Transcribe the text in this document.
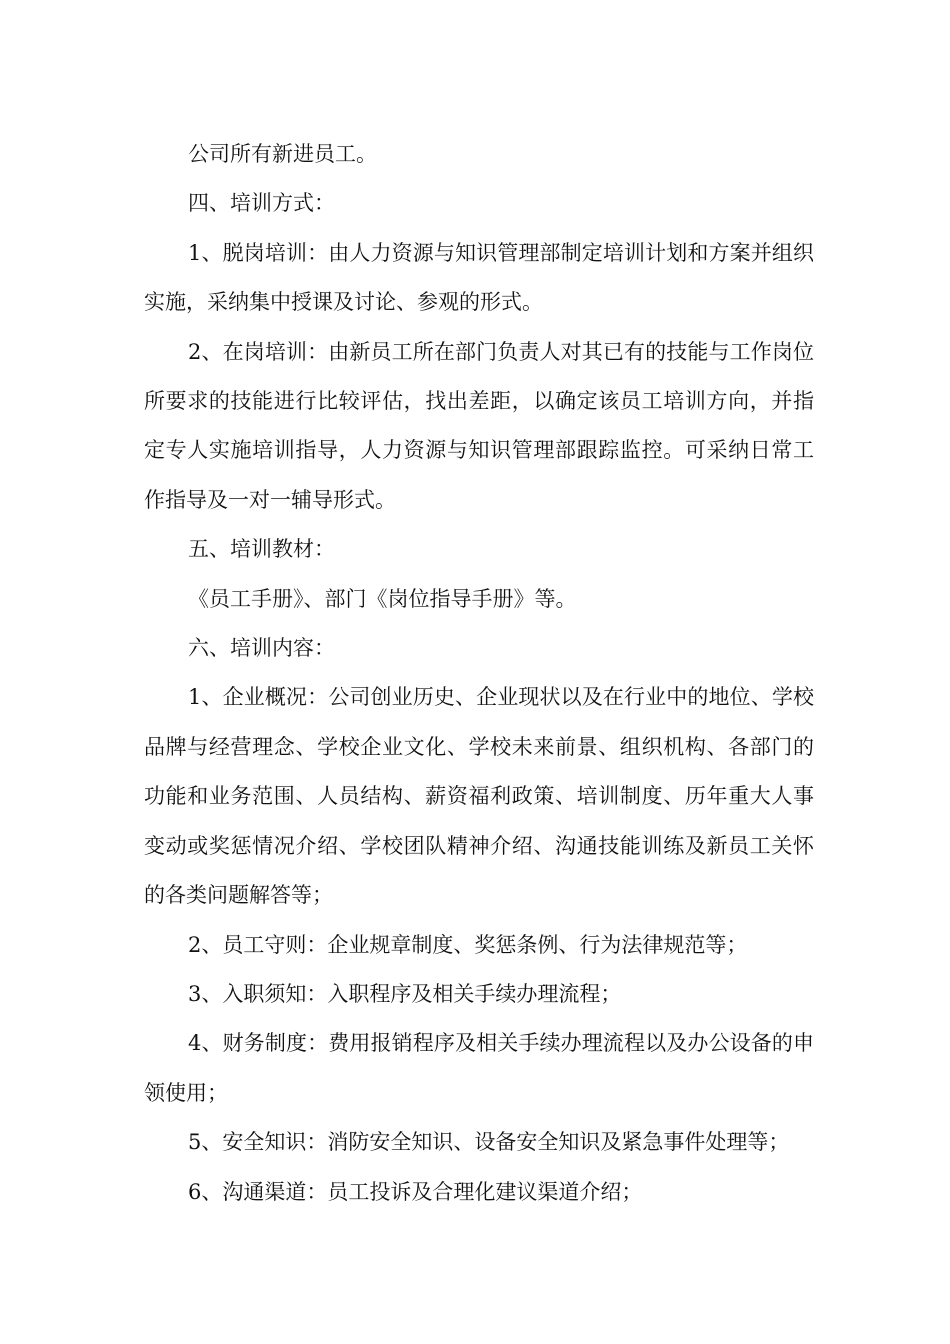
公司所有新进员工。

四、培训方式：

1、脱岗培训：由人力资源与知识管理部制定培训计划和方案并组织实施，采纳集中授课及讨论、参观的形式。

2、在岗培训：由新员工所在部门负责人对其已有的技能与工作岗位所要求的技能进行比较评估，找出差距，以确定该员工培训方向，并指定专人实施培训指导，人力资源与知识管理部跟踪监控。可采纳日常工作指导及一对一辅导形式。

五、培训教材：

《员工手册》、部门《岗位指导手册》等。

六、培训内容：

1、企业概况：公司创业历史、企业现状以及在行业中的地位、学校品牌与经营理念、学校企业文化、学校未来前景、组织机构、各部门的功能和业务范围、人员结构、薪资福利政策、培训制度、历年重大人事变动或奖惩情况介绍、学校团队精神介绍、沟通技能训练及新员工关怀的各类问题解答等；

2、员工守则：企业规章制度、奖惩条例、行为法律规范等；

3、入职须知：入职程序及相关手续办理流程；

4、财务制度：费用报销程序及相关手续办理流程以及办公设备的申领使用；

5、安全知识：消防安全知识、设备安全知识及紧急事件处理等；

6、沟通渠道：员工投诉及合理化建议渠道介绍；
